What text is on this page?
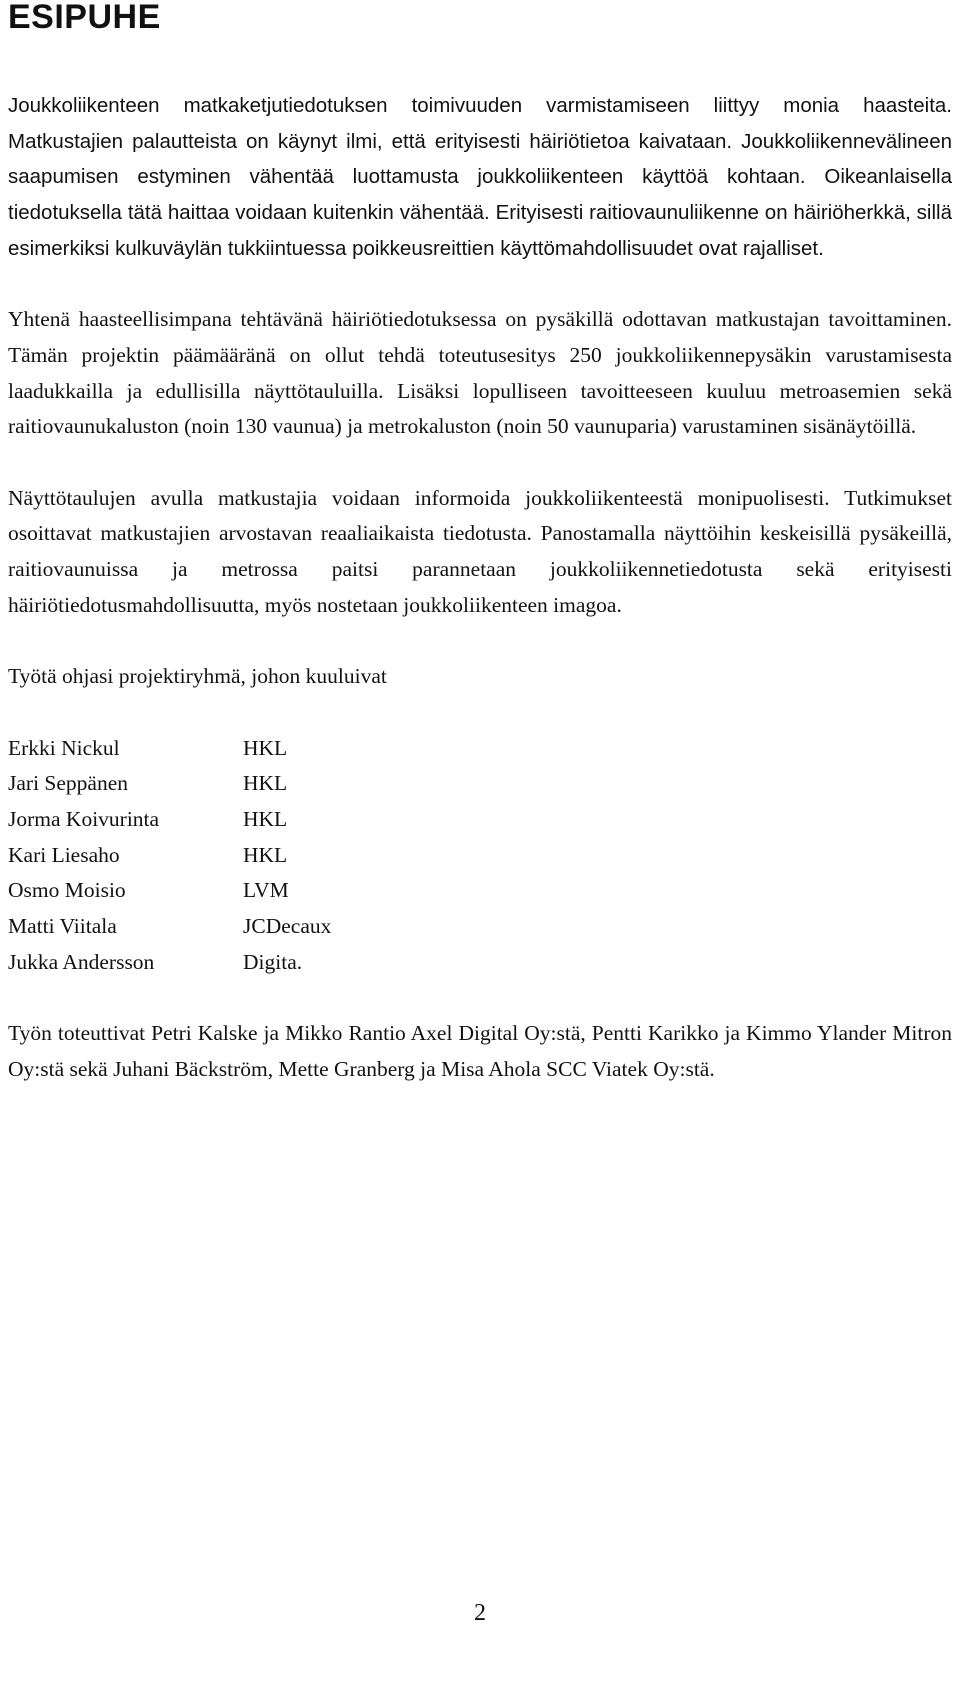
ESIPUHE

Joukkoliikenteen matkaketjutiedotuksen toimivuuden varmistamiseen liittyy monia haasteita. Matkustajien palautteista on käynyt ilmi, että erityisesti häiriötietoa kaivataan. Joukkoliikennevälineen saapumisen estyminen vähentää luottamusta joukkoliikenteen käyttöä kohtaan. Oikeanlaisella tiedotuksella tätä haittaa voidaan kuitenkin vähentää. Erityisesti raitiovaunuliikenne on häiriöherkkä, sillä esimerkiksi kulkuväylän tukkiintuessa poikkeusreittien käyttömahdollisuudet ovat rajalliset.

Yhtenä haasteellisimpana tehtävänä häiriötiedotuksessa on pysäkillä odottavan matkustajan tavoittaminen. Tämän projektin päämääränä on ollut tehdä toteutusesitys 250 joukkoliikennepysäkin varustamisesta laadukkailla ja edullisilla näyttötauluilla. Lisäksi lopulliseen tavoitteeseen kuuluu metroasemien sekä raitiovaunukaluston (noin 130 vaunua) ja metrokaluston (noin 50 vaunuparia) varustaminen sisänäytöillä.

Näyttötaulujen avulla matkustajia voidaan informoida joukkoliikenteestä monipuolisesti. Tutkimukset osoittavat matkustajien arvostavan reaaliaikaista tiedotusta. Panostamalla näyttöihin keskeisillä pysäkeillä, raitiovaunuissa ja metrossa paitsi parannetaan joukkoliikennetiedotusta sekä erityisesti häiriötiedotusmahdollisuutta, myös nostetaan joukkoliikenteen imagoa.

Työtä ohjasi projektiryhmä, johon kuuluivat

Erkki Nickul	HKL
Jari Seppänen	HKL
Jorma Koivurinta	HKL
Kari Liesaho	HKL
Osmo Moisio	LVM
Matti Viitala	JCDecaux
Jukka Andersson	Digita.

Työn toteuttivat Petri Kalske ja Mikko Rantio Axel Digital Oy:stä, Pentti Karikko ja Kimmo Ylander Mitron Oy:stä sekä Juhani Bäckström, Mette Granberg ja Misa Ahola SCC Viatek Oy:stä.

2
